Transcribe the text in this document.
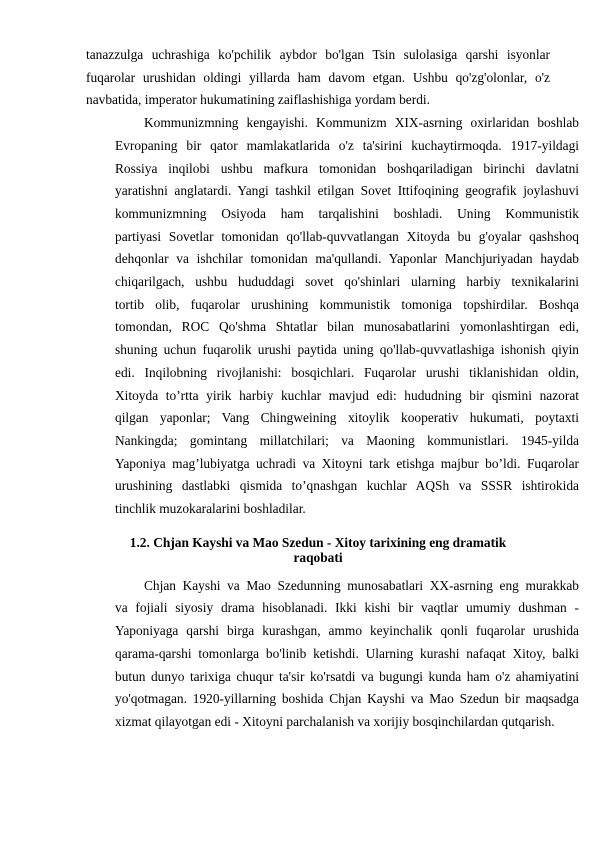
tanazzulga uchrashiga ko'pchilik aybdor bo'lgan Tsin sulolasiga qarshi isyonlar
fuqarolar urushidan oldingi yillarda ham davom etgan. Ushbu qo'zg'olonlar, o'z
navbatida, imperator hukumatining zaiflashishiga yordam berdi.

Kommunizmning kengayishi. Kommunizm XIX-asrning oxirlaridan boshlab
Evropaning bir qator mamlakatlarida o'z ta'sirini kuchaytirmoqda. 1917-yildagi
Rossiya inqilobi ushbu mafkura tomonidan boshqariladigan birinchi davlatni
yaratishni anglatardi. Yangi tashkil etilgan Sovet Ittifoqining geografik joylashuvi
kommunizmning Osiyoda ham tarqalishini boshladi. Uning Kommunistik
partiyasi Sovetlar tomonidan qo'llab-quvvatlangan Xitoyda bu g'oyalar qashshoq
dehqonlar va ishchilar tomonidan ma'qullandi. Yaponlar Manchjuriyadan haydab
chiqarilgach, ushbu hududdagi sovet qo'shinlari ularning harbiy texnikalarini
tortib olib, fuqarolar urushining kommunistik tomoniga topshirdilar. Boshqa
tomondan, ROC Qo'shma Shtatlar bilan munosabatlarini yomonlashtirgan edi,
shuning uchun fuqarolik urushi paytida uning qo'llab-quvvatlashiga ishonish qiyin
edi. Inqilobning rivojlanishi: bosqichlari. Fuqarolar urushi tiklanishidan oldin,
Xitoyda to’rtta yirik harbiy kuchlar mavjud edi: hududning bir qismini nazorat
qilgan yaponlar; Vang Chingweining xitoylik kooperativ hukumati, poytaxti
Nankingda; gomintang millatchilari; va Maoning kommunistlari. 1945-yilda
Yaponiya mag’lubiyatga uchradi va Xitoyni tark etishga majbur bo’ldi. Fuqarolar
urushining dastlabki qismida to’qnashgan kuchlar AQSh va SSSR ishtirokida
tinchlik muzokaralarini boshladilar.

1.2. Chjan Kayshi va Mao Szedun - Xitoy tarixining eng dramatik
raqobati

Chjan Kayshi va Mao Szedunning munosabatlari XX-asrning eng murakkab
va fojiali siyosiy drama hisoblanadi. Ikki kishi bir vaqtlar umumiy dushman -
Yaponiyaga qarshi birga kurashgan, ammo keyinchalik qonli fuqarolar urushida
qarama-qarshi tomonlarga bo'linib ketishdi. Ularning kurashi nafaqat Xitoy, balki
butun dunyo tarixiga chuqur ta'sir ko'rsatdi va bugungi kunda ham o'z ahamiyatini
yo'qotmagan. 1920-yillarning boshida Chjan Kayshi va Mao Szedun bir maqsadga
xizmat qilayotgan edi - Xitoyni parchalanish va xorijiy bosqinchilardan qutqarish.
